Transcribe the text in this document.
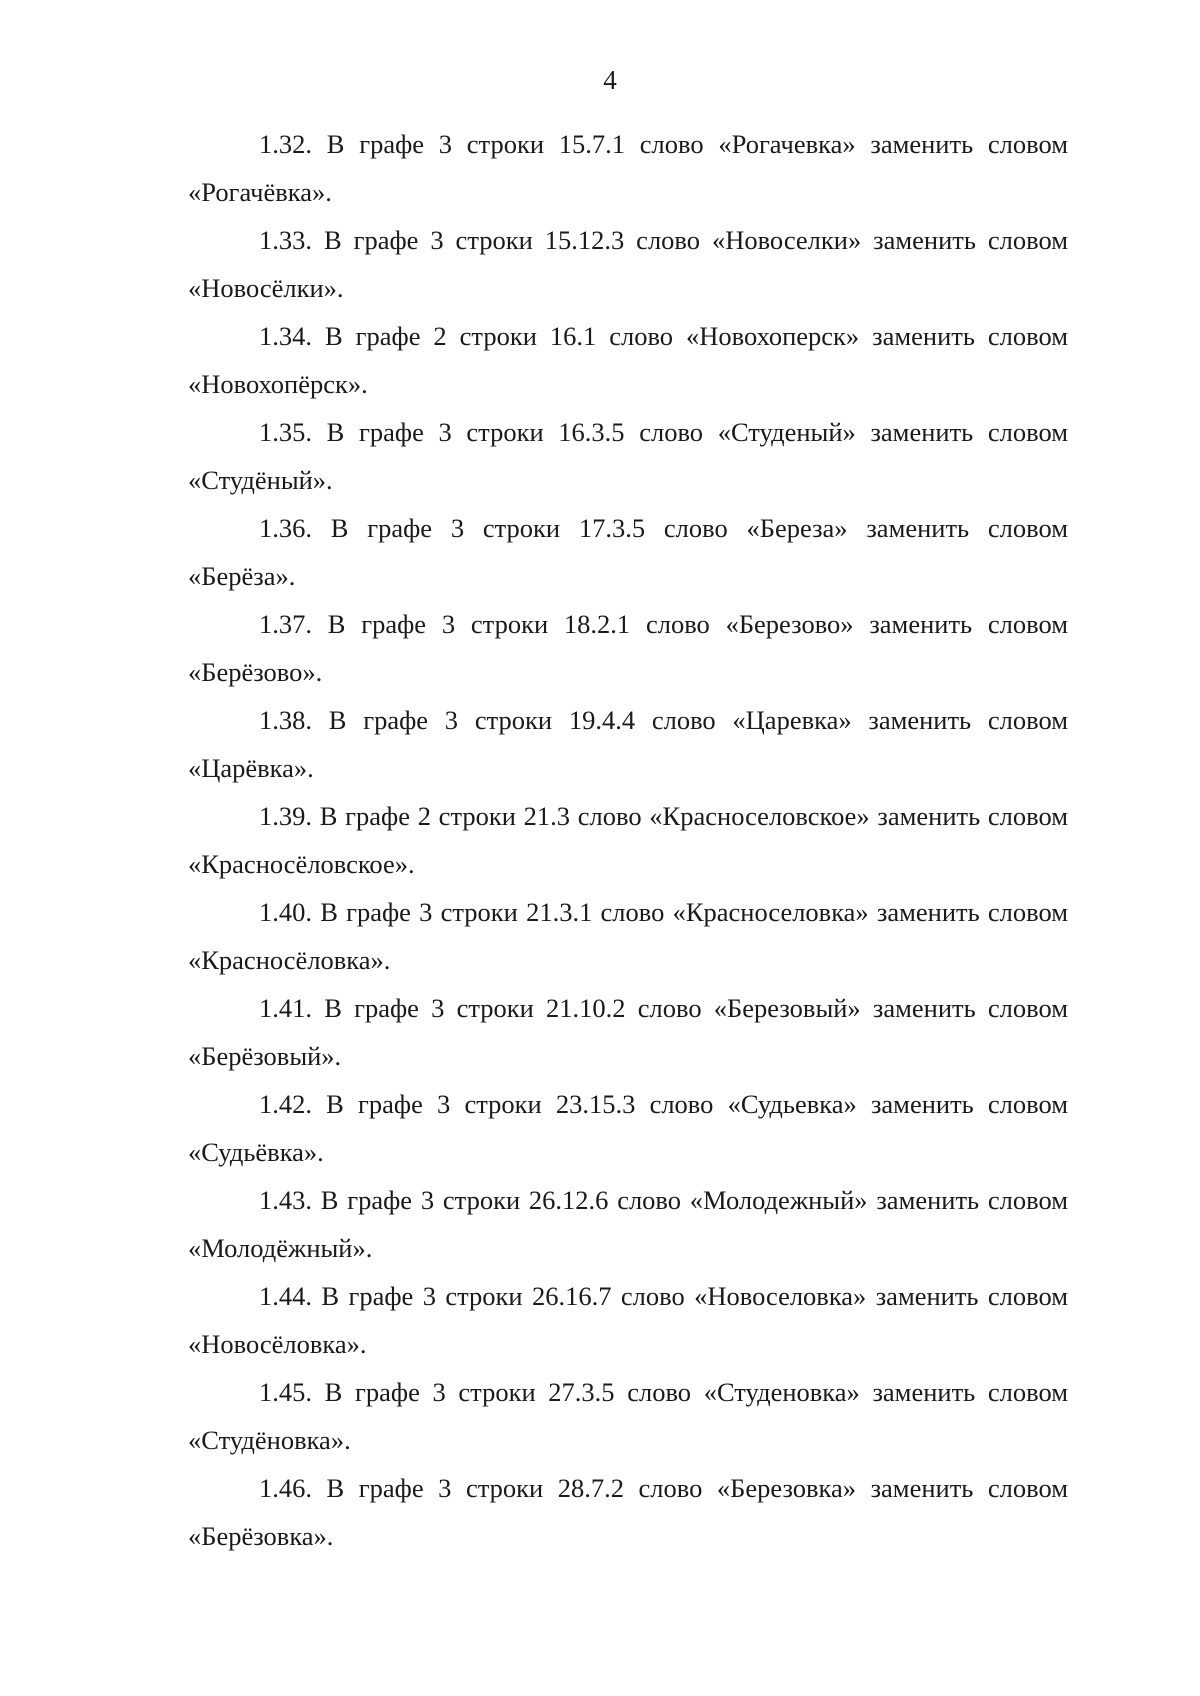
4

1.32. В графе 3 строки 15.7.1 слово «Рогачевка» заменить словом «Рогачёвка».

1.33. В графе 3 строки 15.12.3 слово «Новоселки» заменить словом «Новосёлки».

1.34. В графе 2 строки 16.1 слово «Новохоперск» заменить словом «Новохопёрск».

1.35. В графе 3 строки 16.3.5 слово «Студеный» заменить словом «Студёный».

1.36. В графе 3 строки 17.3.5 слово «Береза» заменить словом «Берёза».

1.37. В графе 3 строки 18.2.1 слово «Березово» заменить словом «Берёзово».

1.38. В графе 3 строки 19.4.4 слово «Царевка» заменить словом «Царёвка».

1.39. В графе 2 строки 21.3 слово «Красноселовское» заменить словом «Красносёловское».

1.40. В графе 3 строки 21.3.1 слово «Красноселовка» заменить словом «Красносёловка».

1.41. В графе 3 строки 21.10.2 слово «Березовый» заменить словом «Берёзовый».

1.42. В графе 3 строки 23.15.3 слово «Судьевка» заменить словом «Судьёвка».

1.43. В графе 3 строки 26.12.6 слово «Молодежный» заменить словом «Молодёжный».

1.44. В графе 3 строки 26.16.7 слово «Новоселовка» заменить словом «Новосёловка».

1.45. В графе 3 строки 27.3.5 слово «Студеновка» заменить словом «Студёновка».

1.46. В графе 3 строки 28.7.2 слово «Березовка» заменить словом «Берёзовка».
